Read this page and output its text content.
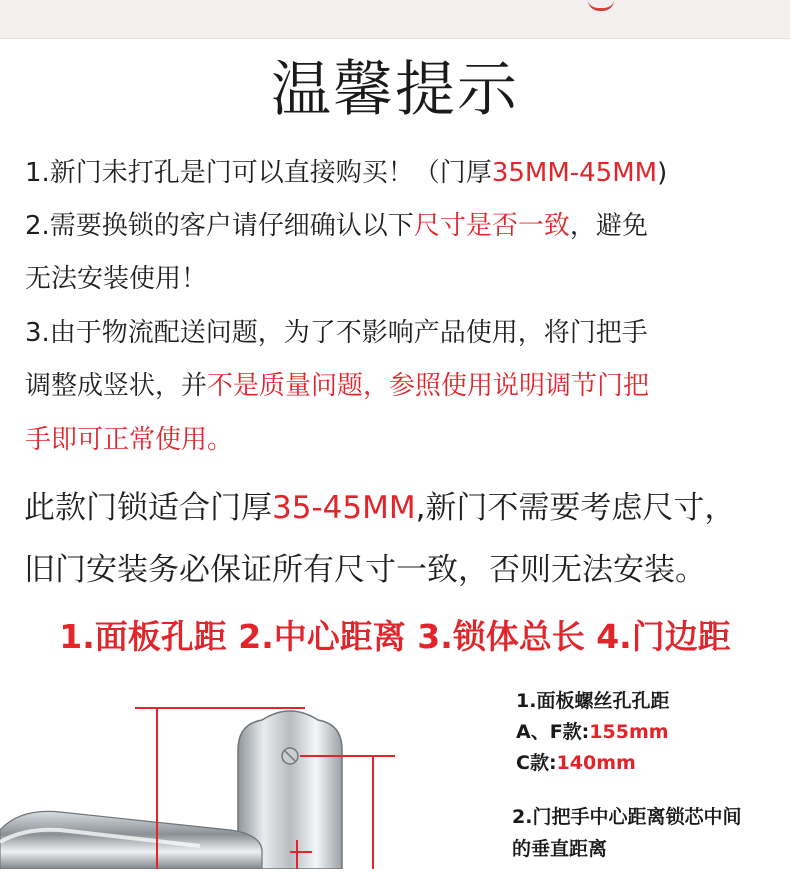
温馨提示
1.新门未打孔是门可以直接购买！（门厚35MM-45MM)
2.需要换锁的客户请仔细确认以下尺寸是否一致，避免
无法安装使用！
3.由于物流配送问题，为了不影响产品使用，将门把手
调整成竖状，并不是质量问题，参照使用说明调节门把
手即可正常使用。
此款门锁适合门厚35-45MM,新门不需要考虑尺寸，
旧门安装务必保证所有尺寸一致，否则无法安装。
1.面板孔距 2.中心距离 3.锁体总长 4.门边距
1.面板螺丝孔孔距
A、F款:155mm
C款:140mm
2.门把手中心距离锁芯中间
的垂直距离
